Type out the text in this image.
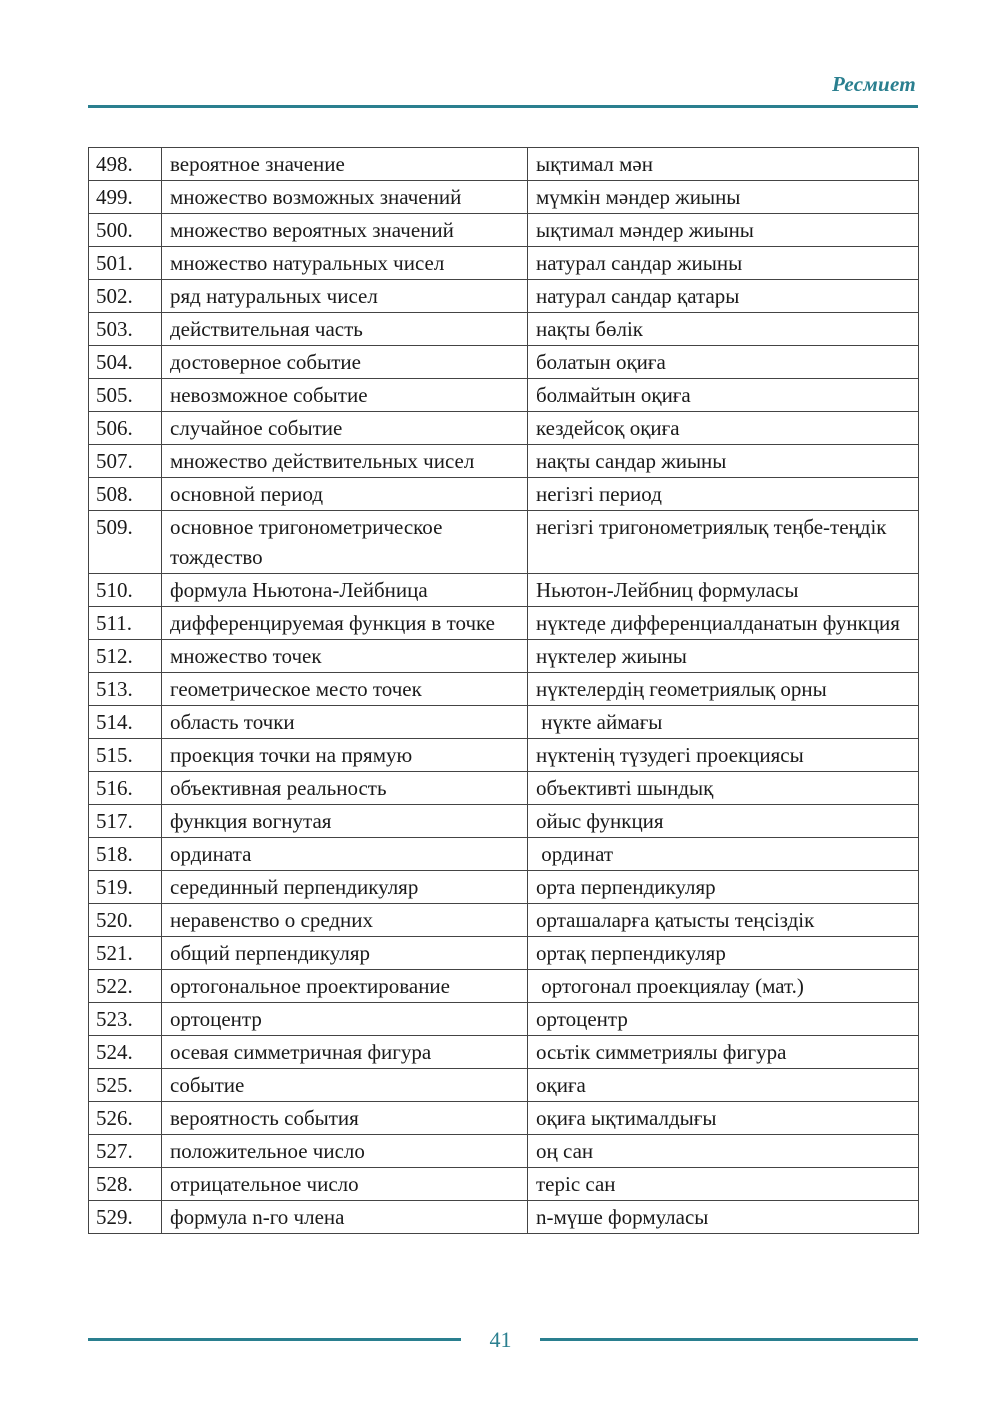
Ресмиет
498.	вероятное значение	ықтимал мән
499.	множество возможных значений	мүмкін мәндер жиыны
500.	множество вероятных значений	ықтимал мәндер жиыны
501.	множество натуральных чисел	натурал сандар жиыны
502.	ряд натуральных чисел	натурал сандар қатары
503.	действительная часть	нақты бөлік
504.	достоверное событие	болатын оқиға
505.	невозможное событие	болмайтын оқиға
506.	случайное событие	кездейсоқ оқиға
507.	множество действительных чисел	нақты сандар жиыны
508.	основной период	негізгі период
509.	основное тригонометрическое тождество	негізгі тригонометриялық теңбе-теңдік
510.	формула Ньютона-Лейбница	Ньютон-Лейбниц формуласы
511.	дифференцируемая функция в точке	нүктеде дифференциалданатын функция
512.	множество точек	нүктелер жиыны
513.	геометрическое место точек	нүктелердің геометриялық орны
514.	область точки	нүкте аймағы
515.	проекция точки на прямую	нүктенің түзудегі проекциясы
516.	объективная реальность	объективті шындық
517.	функция вогнутая	ойыс функция
518.	ордината	ординат
519.	серединный перпендикуляр	орта перпендикуляр
520.	неравенство о средних	орташаларға қатысты теңсіздік
521.	общий перпендикуляр	ортақ перпендикуляр
522.	ортогональное проектирование	ортогонал проекциялау (мат.)
523.	ортоцентр	ортоцентр
524.	осевая симметричная фигура	осьтік симметриялы фигура
525.	событие	оқиға
526.	вероятность события	оқиға ықтималдығы
527.	положительное число	оң сан
528.	отрицательное число	теріс сан
529.	формула n-го члена	n-мүше формуласы
41
